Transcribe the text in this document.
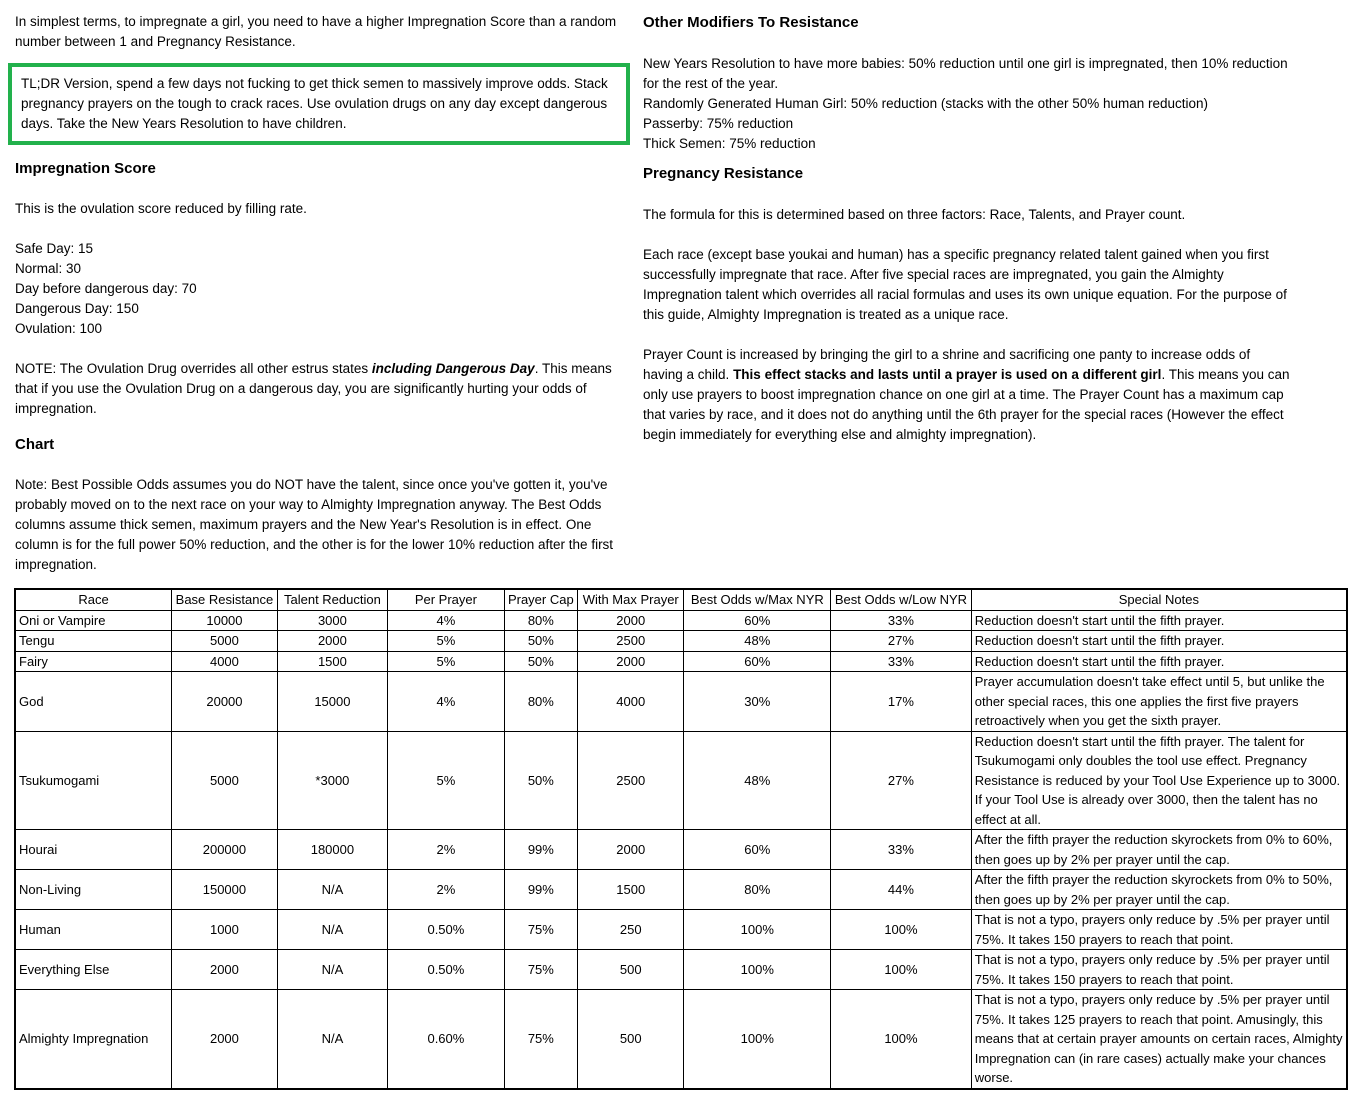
In simplest terms, to impregnate a girl, you need to have a higher Impregnation Score than a random number between 1 and Pregnancy Resistance.

TL;DR Version, spend a few days not fucking to get thick semen to massively improve odds. Stack pregnancy prayers on the tough to crack races. Use ovulation drugs on any day except dangerous days. Take the New Years Resolution to have children.
Impregnation Score

This is the ovulation score reduced by filling rate.

Safe Day: 15
Normal: 30
Day before dangerous day: 70
Dangerous Day: 150
Ovulation: 100

NOTE: The Ovulation Drug overrides all other estrus states including Dangerous Day. This means that if you use the Ovulation Drug on a dangerous day, you are significantly hurting your odds of impregnation.

Chart

Note: Best Possible Odds assumes you do NOT have the talent, since once you've gotten it, you've probably moved on to the next race on your way to Almighty Impregnation anyway. The Best Odds columns assume thick semen, maximum prayers and the New Year's Resolution is in effect. One column is for the full power 50% reduction, and the other is for the lower 10% reduction after the first impregnation.

Other Modifiers To Resistance
New Years Resolution to have more babies: 50% reduction until one girl is impregnated, then 10% reduction for the rest of the year.
Randomly Generated Human Girl: 50% reduction (stacks with the other 50% human reduction)
Passerby: 75% reduction
Thick Semen: 75% reduction
Pregnancy Resistance

The formula for this is determined based on three factors: Race, Talents, and Prayer count.

Each race (except base youkai and human) has a specific pregnancy related talent gained when you first successfully impregnate that race. After five special races are impregnated, you gain the Almighty Impregnation talent which overrides all racial formulas and uses its own unique equation. For the purpose of this guide, Almighty Impregnation is treated as a unique race.

Prayer Count is increased by bringing the girl to a shrine and sacrificing one panty to increase odds of having a child. This effect stacks and lasts until a prayer is used on a different girl. This means you can only use prayers to boost impregnation chance on one girl at a time. The Prayer Count has a maximum cap that varies by race, and it does not do anything until the 6th prayer for the special races (However the effect begin immediately for everything else and almighty impregnation).

Race	Base Resistance	Talent Reduction	Per Prayer	Prayer Cap	With Max Prayer	Best Odds w/Max NYR	Best Odds w/Low NYR	Special Notes
Oni or Vampire	10000	3000	4%	80%	2000	60%	33%	Reduction doesn't start until the fifth prayer.
Tengu	5000	2000	5%	50%	2500	48%	27%	Reduction doesn't start until the fifth prayer.
Fairy	4000	1500	5%	50%	2000	60%	33%	Reduction doesn't start until the fifth prayer.
God	20000	15000	4%	80%	4000	30%	17%	Prayer accumulation doesn't take effect until 5, but unlike the other special races, this one applies the first five prayers retroactively when you get the sixth prayer.
Tsukumogami	5000	*3000	5%	50%	2500	48%	27%	Reduction doesn't start until the fifth prayer. The talent for Tsukumogami only doubles the tool use effect. Pregnancy Resistance is reduced by your Tool Use Experience up to 3000. If your Tool Use is already over 3000, then the talent has no effect at all.
Hourai	200000	180000	2%	99%	2000	60%	33%	After the fifth prayer the reduction skyrockets from 0% to 60%, then goes up by 2% per prayer until the cap.
Non-Living	150000	N/A	2%	99%	1500	80%	44%	After the fifth prayer the reduction skyrockets from 0% to 50%, then goes up by 2% per prayer until the cap.
Human	1000	N/A	0.50%	75%	250	100%	100%	That is not a typo, prayers only reduce by .5% per prayer until 75%. It takes 150 prayers to reach that point.
Everything Else	2000	N/A	0.50%	75%	500	100%	100%	That is not a typo, prayers only reduce by .5% per prayer until 75%. It takes 150 prayers to reach that point.
Almighty Impregnation	2000	N/A	0.60%	75%	500	100%	100%	That is not a typo, prayers only reduce by .5% per prayer until 75%. It takes 125 prayers to reach that point. Amusingly, this means that at certain prayer amounts on certain races, Almighty Impregnation can (in rare cases) actually make your chances worse.
